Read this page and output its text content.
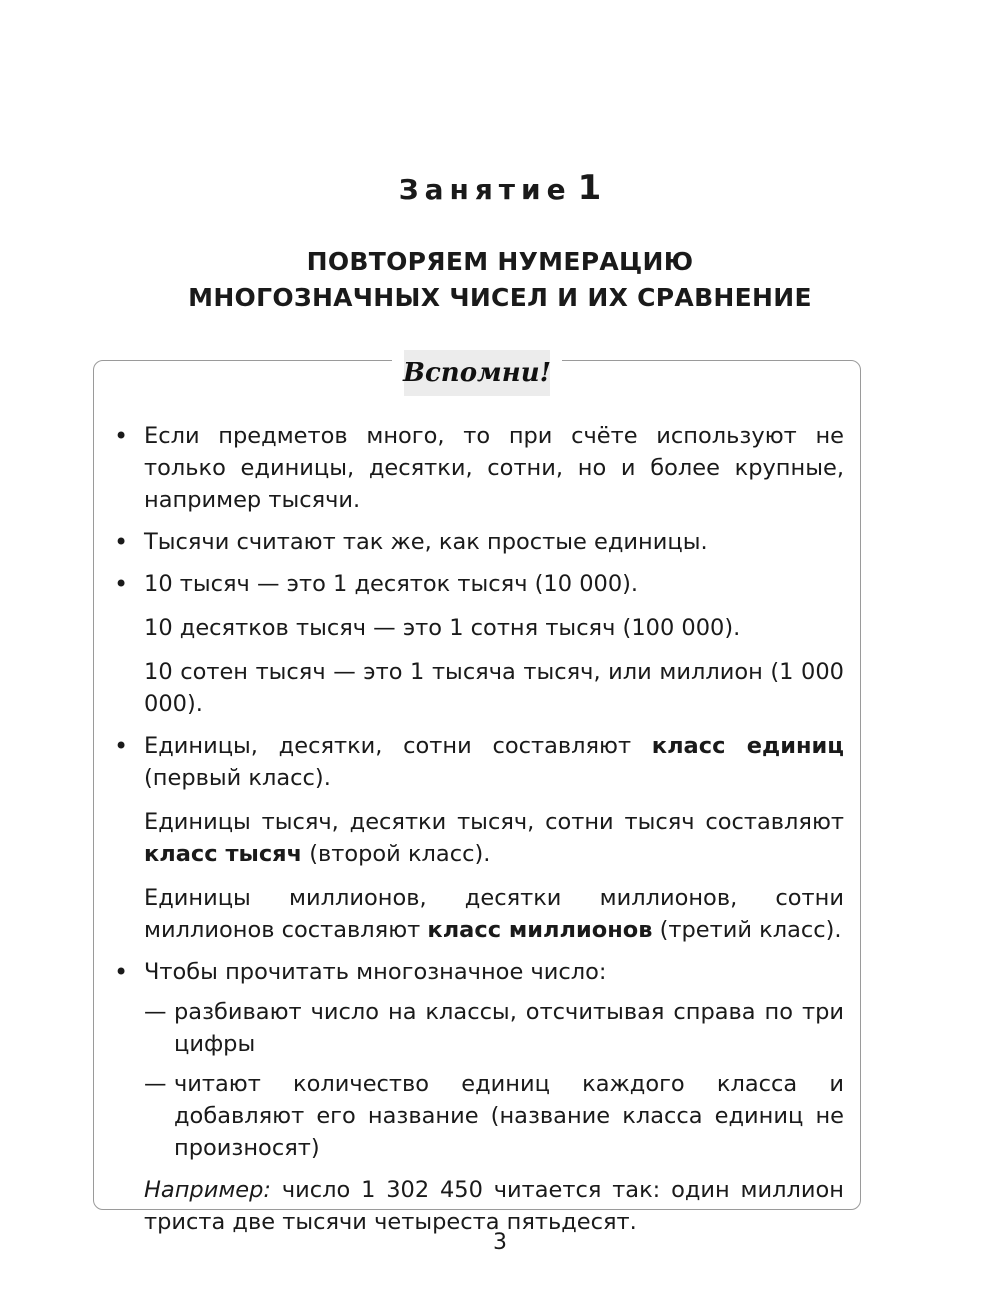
Занятие 1
ПОВТОРЯЕМ НУМЕРАЦИЮ
МНОГОЗНАЧНЫХ ЧИСЕЛ И ИХ СРАВНЕНИЕ
Вспомни!
• Если предметов много, то при счёте используют не только единицы, десятки, сотни, но и более крупные, например тысячи.
• Тысячи считают так же, как простые единицы.
• 10 тысяч — это 1 десяток тысяч (10 000).
10 десятков тысяч — это 1 сотня тысяч (100 000).
10 сотен тысяч — это 1 тысяча тысяч, или миллион (1 000 000).
• Единицы, десятки, сотни составляют класс единиц (первый класс).
Единицы тысяч, десятки тысяч, сотни тысяч составляют класс тысяч (второй класс).
Единицы миллионов, десятки миллионов, сотни миллионов составляют класс миллионов (третий класс).
• Чтобы прочитать многозначное число:
— разбивают число на классы, отсчитывая справа по три цифры
— читают количество единиц каждого класса и добавляют его название (название класса единиц не произносят)
Например: число 1 302 450 читается так: один миллион триста две тысячи четыреста пятьдесят.
3
